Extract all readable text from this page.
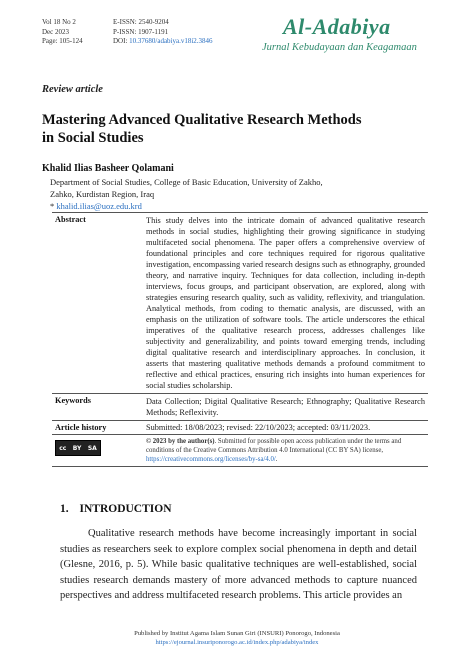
Vol 18 No 2
Dec 2023
Page: 105-124
E-ISSN: 2540-9204
P-ISSN: 1907-1191
DOI: 10.37680/adabiya.v18i2.3846
Al-Adabiya
Jurnal Kebudayaan dan Keagamaan
Review article
Mastering Advanced Qualitative Research Methods
in Social Studies
Khalid Ilias Basheer Qolamani
Department of Social Studies, College of Basic Education, University of Zakho,
Zahko, Kurdistan Region, Iraq
* khalid.ilias@uoz.edu.krd
Abstract	This study delves into the intricate domain of advanced qualitative research methods in social studies, highlighting their growing significance in studying multifaceted social phenomena. The paper offers a comprehensive overview of foundational principles and core techniques required for rigorous qualitative investigation, encompassing varied research designs such as ethnography, grounded theory, and narrative inquiry. Techniques for data collection, including in-depth interviews, focus groups, and participant observation, are explored, along with strategies ensuring research quality, such as validity, reflexivity, and triangulation. Analytical methods, from coding to thematic analysis, are discussed, with an emphasis on the utilization of software tools. The article underscores the ethical imperatives of the qualitative research process, addresses challenges like subjectivity and generalizability, and points toward emerging trends, including digital qualitative research and interdisciplinary approaches. In conclusion, it asserts that mastering qualitative methods demands a profound commitment to reflective and ethical practices, ensuring rich insights into human experiences for social studies scholarship.
Keywords	Data Collection; Digital Qualitative Research; Ethnography; Qualitative Research Methods; Reflexivity.
Article history	Submitted: 18/08/2023; revised: 22/10/2023; accepted: 03/11/2023.
cc BY SA
	© 2023 by the author(s). Submitted for possible open access publication under the terms and conditions of the Creative Commons Attribution 4.0 International (CC BY SA) license, https://creativecommons.org/licenses/by-sa/4.0/.
1. INTRODUCTION
Qualitative research methods have become increasingly important in social studies as researchers seek to explore complex social phenomena in depth and detail (Glesne, 2016, p. 5). While basic qualitative techniques are well-established, social studies research demands mastery of more advanced methods to capture nuanced perspectives and address multifaceted research problems. This article provides an
Published by Institut Agama Islam Sunan Giri (INSURI) Ponorogo, Indonesia
https://ejournal.insuriponorogo.ac.id/index.php/adabiya/index
